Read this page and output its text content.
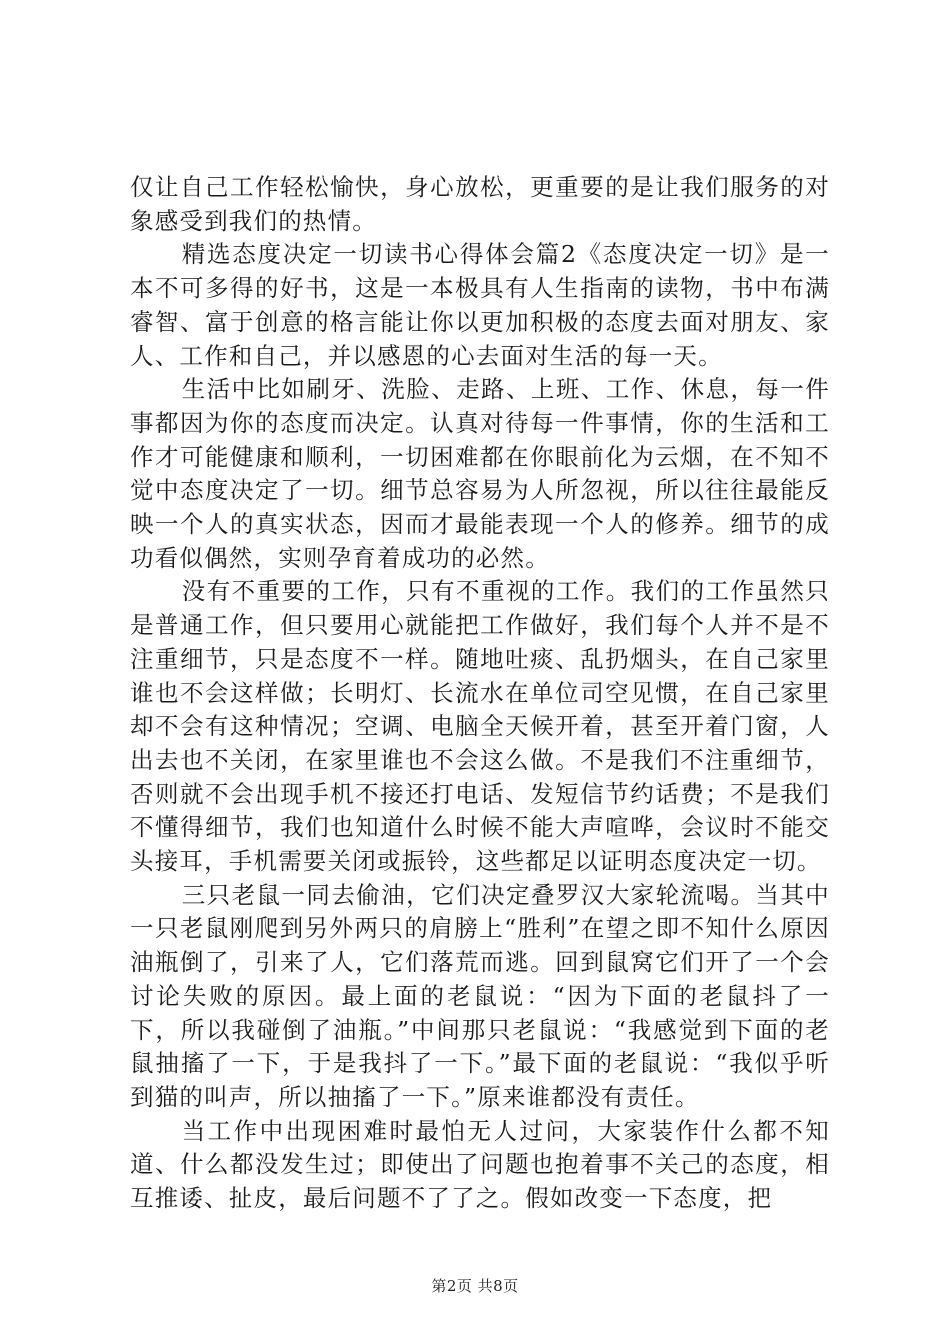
仅让自己工作轻松愉快，身心放松，更重要的是让我们服务的对象感受到我们的热情。

精选态度决定一切读书心得体会篇2《态度决定一切》是一本不可多得的好书，这是一本极具有人生指南的读物，书中布满睿智、富于创意的格言能让你以更加积极的态度去面对朋友、家人、工作和自己，并以感恩的心去面对生活的每一天。

生活中比如刷牙、洗脸、走路、上班、工作、休息，每一件事都因为你的态度而决定。认真对待每一件事情，你的生活和工作才可能健康和顺利，一切困难都在你眼前化为云烟，在不知不觉中态度决定了一切。细节总容易为人所忽视，所以往往最能反映一个人的真实状态，因而才最能表现一个人的修养。细节的成功看似偶然，实则孕育着成功的必然。

没有不重要的工作，只有不重视的工作。我们的工作虽然只是普通工作，但只要用心就能把工作做好，我们每个人并不是不注重细节，只是态度不一样。随地吐痰、乱扔烟头，在自己家里谁也不会这样做；长明灯、长流水在单位司空见惯，在自己家里却不会有这种情况；空调、电脑全天候开着，甚至开着门窗，人出去也不关闭，在家里谁也不会这么做。不是我们不注重细节，否则就不会出现手机不接还打电话、发短信节约话费；不是我们不懂得细节，我们也知道什么时候不能大声喧哗，会议时不能交头接耳，手机需要关闭或振铃，这些都足以证明态度决定一切。

三只老鼠一同去偷油，它们决定叠罗汉大家轮流喝。当其中一只老鼠刚爬到另外两只的肩膀上“胜利”在望之即不知什么原因油瓶倒了，引来了人，它们落荒而逃。回到鼠窝它们开了一个会讨论失败的原因。最上面的老鼠说：“因为下面的老鼠抖了一下，所以我碰倒了油瓶。”中间那只老鼠说：“我感觉到下面的老鼠抽搐了一下，于是我抖了一下。”最下面的老鼠说：“我似乎听到猫的叫声，所以抽搐了一下。”原来谁都没有责任。

当工作中出现困难时最怕无人过问，大家装作什么都不知道、什么都没发生过；即使出了问题也抱着事不关己的态度，相互推诿、扯皮，最后问题不了了之。假如改变一下态度，把

第2页 共8页
